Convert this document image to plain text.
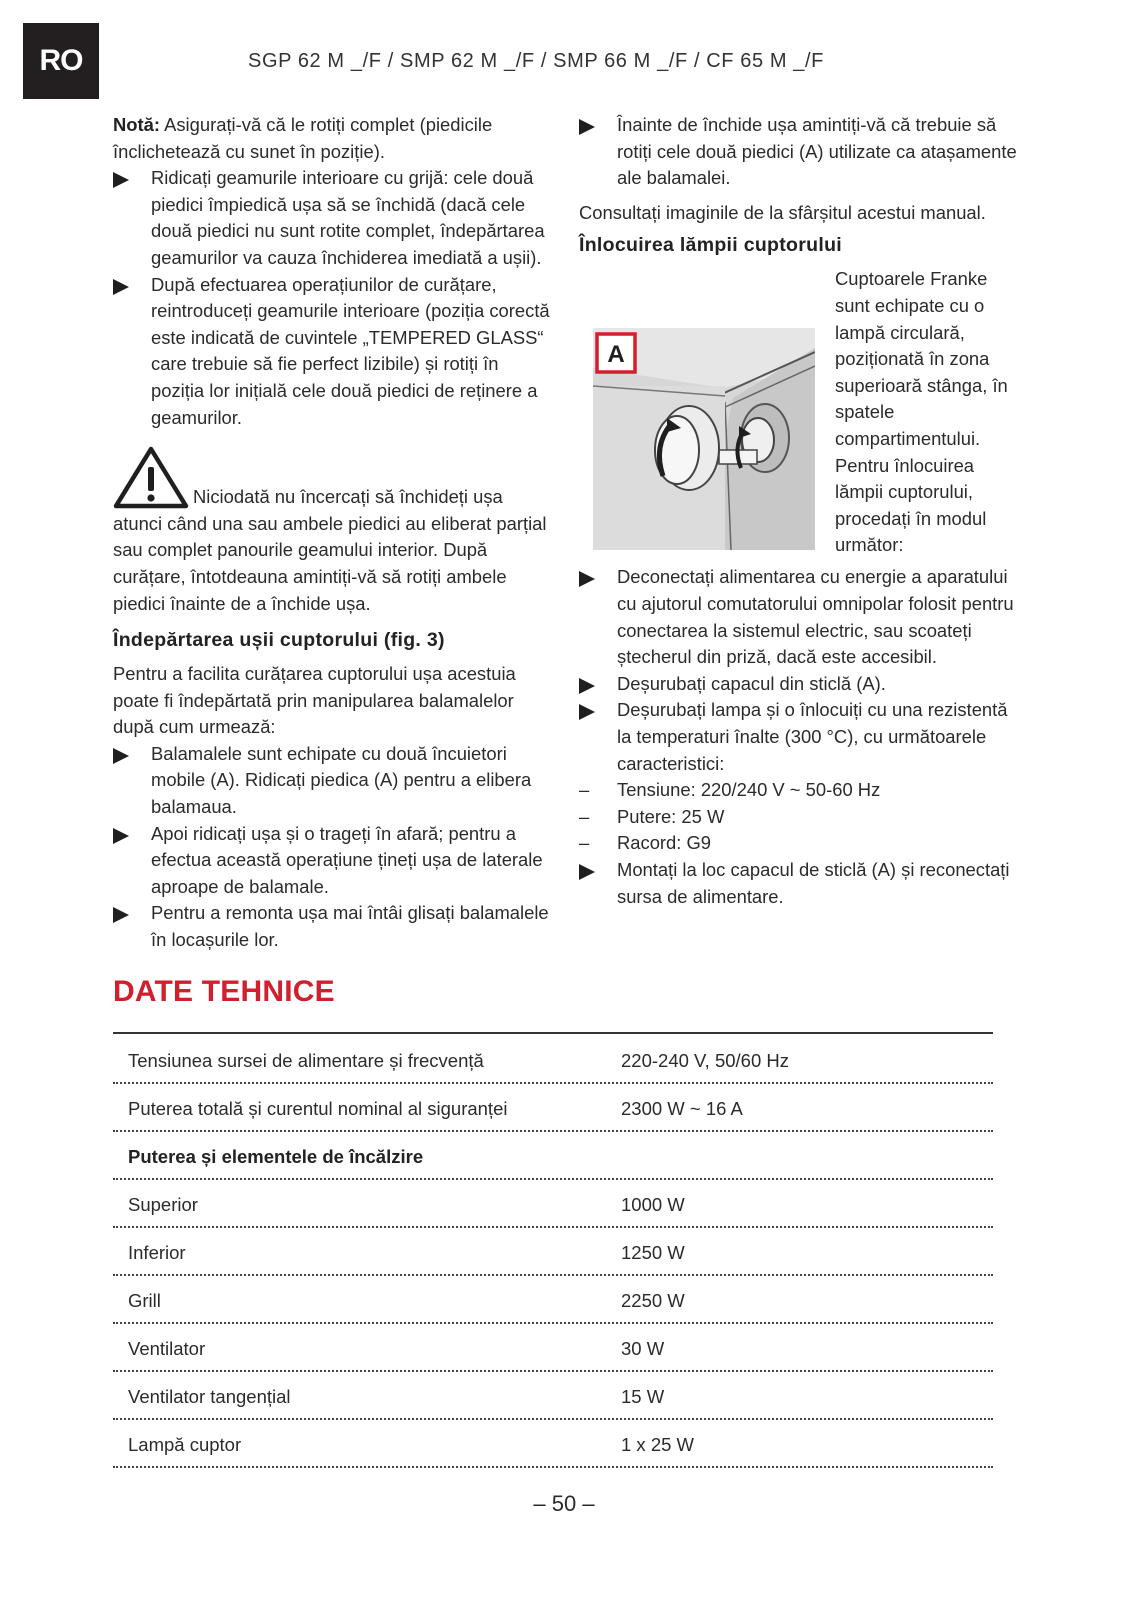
RO	SGP 62 M _/F / SMP 62 M _/F / SMP 66 M _/F / CF 65 M _/F

Notă: Asigurați-vă că le rotiți complet (piedicile înclichetează cu sunet în poziție).

Ridicați geamurile interioare cu grijă: cele două piedici împiedică ușa să se închidă (dacă cele două piedici nu sunt rotite complet, îndepărtarea geamurilor va cauza închiderea imediată a ușii).
După efectuarea operațiunilor de curățare, reintroduceți geamurile interioare (poziția corectă este indicată de cuvintele „TEMPERED GLASS“ care trebuie să fie perfect lizibile) și rotiți în poziția lor inițială cele două piedici de reținere a geamurilor.

Niciodată nu încercați să închideți ușa

atunci când una sau ambele piedici au eliberat parțial sau complet panourile geamului interior. După curățare, întotdeauna amintiți-vă să rotiți ambele piedici înainte de a închide ușa.

Îndepărtarea ușii cuptorului (fig. 3)

Pentru a facilita curățarea cuptorului ușa acestuia poate fi îndepărtată prin manipularea balamalelor după cum urmează:

Balamalele sunt echipate cu două încuietori mobile (A). Ridicați piedica (A) pentru a elibera balamaua.
Apoi ridicați ușa și o trageți în afară; pentru a efectua această operațiune țineți ușa de laterale aproape de balamale.
Pentru a remonta ușa mai întâi glisați balamalele în locașurile lor.
Înainte de închide ușa amintiți-vă că trebuie să rotiți cele două piedici (A) utilizate ca atașamente ale balamalei.

Consultați imaginile de la sfârșitul acestui manual.

Înlocuirea lămpii cuptorului

A

Cuptoarele Franke sunt echipate cu o lampă circulară, poziționată în zona superioară stânga, în spatele compartimentului. Pentru înlocuirea lămpii cuptorului, procedați în modul următor:

Deconectați alimentarea cu energie a aparatului cu ajutorul comutatorului omnipolar folosit pentru conectarea la sistemul electric, sau scoateți ștecherul din priză, dacă este accesibil.
Deșurubați capacul din sticlă (A).
Deșurubați lampa și o înlocuiți cu una rezistentă la temperaturi înalte (300 °C), cu următoarele caracteristici:
– Tensiune: 220/240 V ~ 50-60 Hz
– Putere: 25 W
– Racord: G9
Montați la loc capacul de sticlă (A) și reconectați sursa de alimentare.
DATE TEHNICE
Tensiunea sursei de alimentare și frecvență	220-240 V, 50/60 Hz
Puterea totală și curentul nominal al siguranței	2300 W ~ 16 A
Puterea și elementele de încălzire
Superior	1000 W
Inferior	1250 W
Grill	2250 W
Ventilator	30 W
Ventilator tangențial	15 W
Lampă cuptor	1 x 25 W
– 50 –
